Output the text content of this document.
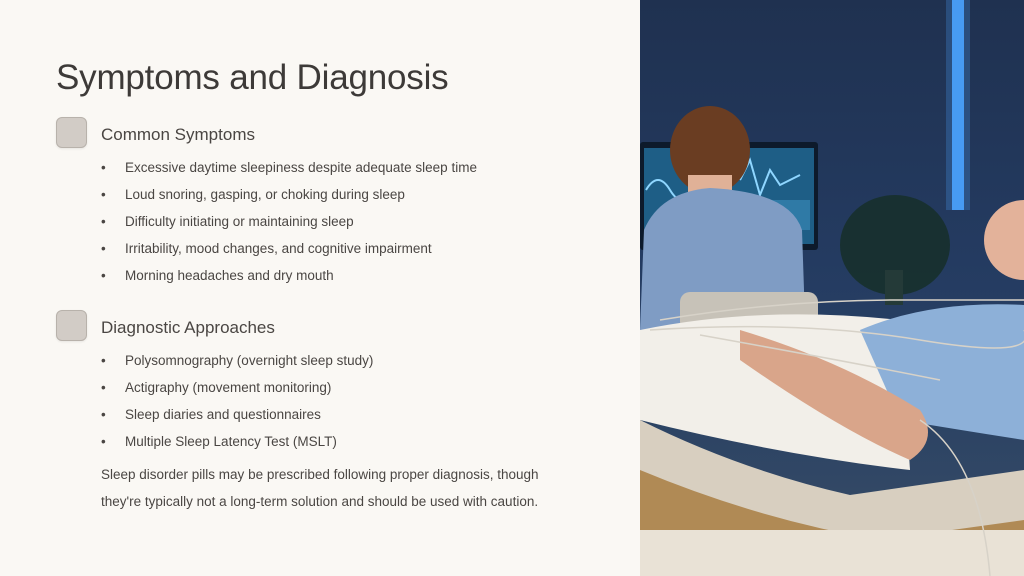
Symptoms and Diagnosis
Common Symptoms
• Excessive daytime sleepiness despite adequate sleep time
• Loud snoring, gasping, or choking during sleep
• Difficulty initiating or maintaining sleep
• Irritability, mood changes, and cognitive impairment
• Morning headaches and dry mouth
Diagnostic Approaches
• Polysomnography (overnight sleep study)
• Actigraphy (movement monitoring)
• Sleep diaries and questionnaires
• Multiple Sleep Latency Test (MSLT)

Sleep disorder pills may be prescribed following proper diagnosis, though they're typically not a long-term solution and should be used with caution.
